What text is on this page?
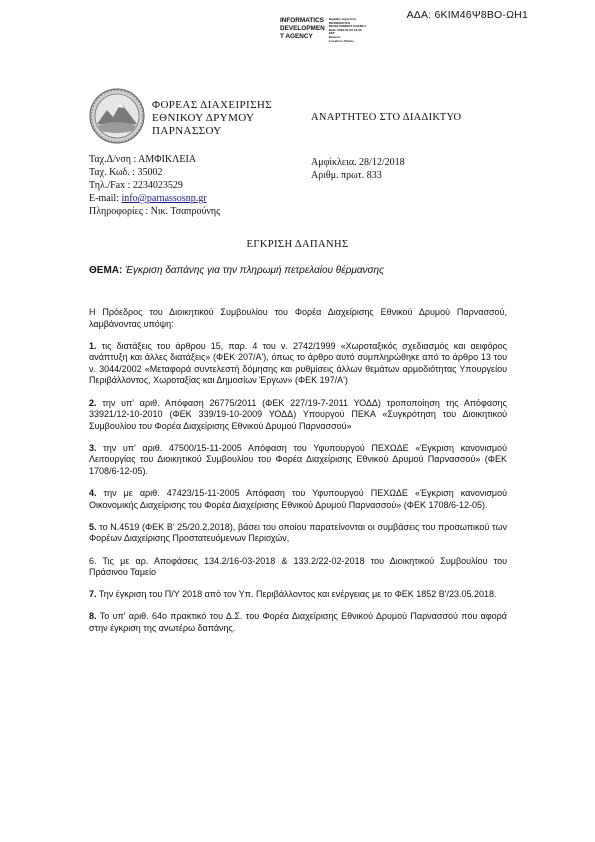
ΑΔΑ: 6ΚΙΜ46Ψ8ΒΟ-ΩΗ1
INFORMATICS
DEVELOPMEN
T AGENCY
Digitally signed by
INFORMATICS
DEVELOPMENT AGENCY
Date: 2019.01.03 12:30
EET
Reason:
Location: Athens
ΦΟΡΕΑΣ ΔΙΑΧΕΙΡΙΣΗΣ
ΕΘΝΙΚΟΥ ΔΡΥΜΟΥ
ΠΑΡΝΑΣΣΟΥ
ΑΝΑΡΤΗΤΕΟ ΣΤΟ ΔΙΑΔΙΚΤΥΟ
Ταχ.Δ/νση : ΑΜΦΙΚΛΕΙΑ
Ταχ. Κωδ. : 35002
Τηλ./Fax : 2234023529
E-mail: info@parnassosnp.gr
Πληροφορίες : Νικ. Τσαπρούνης
Αμφίκλεια. 28/12/2018
Αριθμ. πρωτ. 833
ΕΓΚΡΙΣΗ ΔΑΠΑΝΗΣ
ΘΕΜΑ: Έγκριση δαπάνης για την πληρωμή πετρελαίου θέρμανσης

Η Πρόεδρος του Διοικητικού Συμβουλίου του Φορέα Διαχείρισης Εθνικού Δρυμού Παρνασσού, λαμβάνοντας υπόψη:

1. τις διατάξεις του άρθρου 15, παρ. 4 του ν. 2742/1999 «Χωροταξικός σχεδιασμός και αειφόρος ανάπτυξη και άλλες διατάξεις» (ΦΕΚ 207/Α'), όπως το άρθρο αυτό συμπληρώθηκε από το άρθρο 13 του ν. 3044/2002 «Μεταφορά συντελεστή δόμησης και ρυθμίσεις άλλων θεμάτων αρμοδιότητας Υπουργείου Περιβάλλοντος, Χωροταξίας και Δημοσίων Έργων» (ΦΕΚ 197/Α')

2. την υπ' αριθ. Απόφαση 26775/2011 (ΦΕΚ 227/19-7-2011 ΥΟΔΔ) τροποποίηση της Απόφασης 33921/12-10-2010 (ΦΕΚ 339/19-10-2009 ΥΟΔΔ) Υπουργού ΠΕΚΑ «Συγκρότηση του Διοικητικού Συμβουλίου του Φορέα Διαχείρισης Εθνικού Δρυμού Παρνασσού»

3. την υπ' αριθ. 47500/15-11-2005 Απόφαση του Υφυπουργού ΠΕΧΩΔΕ «Έγκριση κανονισμού Λειτουργίας του Διοικητικού Συμβουλίου του Φορέα Διαχείρισης Εθνικού Δρυμού Παρνασσού» (ΦΕΚ 1708/6-12-05).

4. την με αριθ. 47423/15-11-2005 Απόφαση του Υφυπουργού ΠΕΧΩΔΕ «Έγκριση κανονισμού Οικονομικής Διαχείρισης του Φορέα Διαχείρισης Εθνικού Δρυμού Παρνασσού» (ΦΕΚ 1708/6-12-05).

5. το Ν.4519 (ΦΕΚ Β' 25/20.2.2018), βάσει του οποίου παρατείνονται οι συμβάσεις του προσωπικού των Φορέων Διαχείρισης Προστατευόμενων Περιοχών,

6. Τις με αρ. Αποφάσεις 134.2/16-03-2018 & 133.2/22-02-2018 του Διοικητικού Συμβουλίου του Πράσινου Ταμείο

7. Την έγκριση του Π/Υ 2018 από τον Υπ. Περιβάλλοντος και ενέργειας με το ΦΕΚ 1852 Β'/23.05.2018.

8. Το υπ' αριθ. 64ο πρακτικό του Δ.Σ. του Φορέα Διαχείρισης Εθνικού Δρυμού Παρνασσού που αφορά στην έγκριση της ανωτέρω δαπάνης.
